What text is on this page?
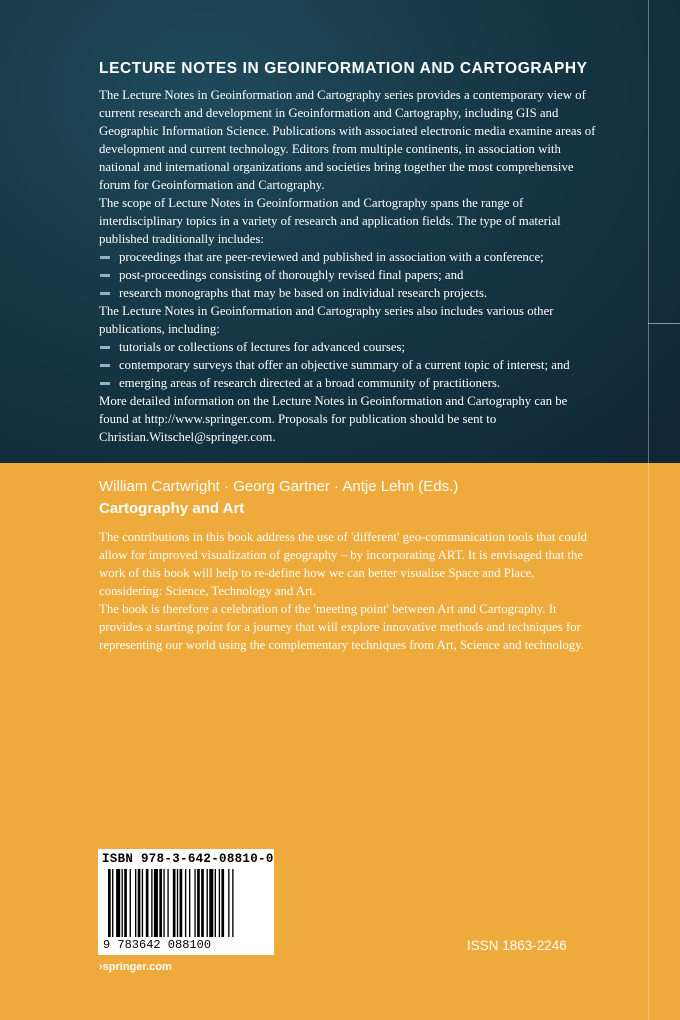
LECTURE NOTES IN GEOINFORMATION AND CARTOGRAPHY

The Lecture Notes in Geoinformation and Cartography series provides a contemporary view of current research and development in Geoinformation and Cartography, including GIS and Geographic Information Science. Publications with associated electronic media examine areas of development and current technology. Editors from multiple continents, in association with national and international organizations and societies bring together the most comprehensive forum for Geoinformation and Cartography.

The scope of Lecture Notes in Geoinformation and Cartography spans the range of interdisciplinary topics in a variety of research and application fields. The type of material published traditionally includes:

proceedings that are peer-reviewed and published in association with a conference;
post-proceedings consisting of thoroughly revised final papers; and
research monographs that may be based on individual research projects.

The Lecture Notes in Geoinformation and Cartography series also includes various other publications, including:

tutorials or collections of lectures for advanced courses;
contemporary surveys that offer an objective summary of a current topic of interest; and
emerging areas of research directed at a broad community of practitioners.

More detailed information on the Lecture Notes in Geoinformation and Cartography can be found at http://www.springer.com. Proposals for publication should be sent to Christian.Witschel@springer.com.

William Cartwright · Georg Gartner · Antje Lehn (Eds.)

Cartography and Art

The contributions in this book address the use of 'different' geo-communication tools that could allow for improved visualization of geography – by incorporating ART. It is envisaged that the work of this book will help to re-define how we can better visualise Space and Place, considering: Science, Technology and Art.

The book is therefore a celebration of the 'meeting point' between Art and Cartography. It provides a starting point for a journey that will explore innovative methods and techniques for representing our world using the complementary techniques from Art, Science and technology.

ISBN 978-3-642-08810-0
9 783642 088100	ISSN 1863-2246
›springer.com
